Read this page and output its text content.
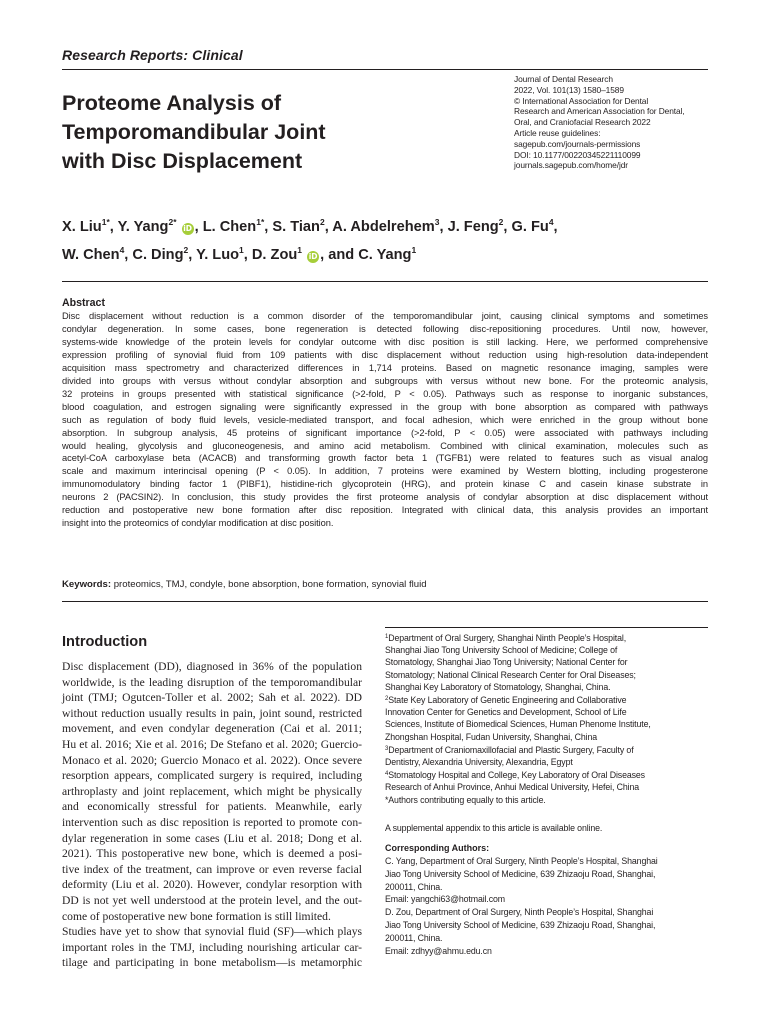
Research Reports: Clinical
Proteome Analysis of
Temporomandibular Joint
with Disc Displacement
Journal of Dental Research
2022, Vol. 101(13) 1580–1589
© International Association for Dental
Research and American Association for Dental,
Oral, and Craniofacial Research 2022
Article reuse guidelines:
sagepub.com/journals-permissions
DOI: 10.1177/00220345221110099
journals.sagepub.com/home/jdr
X. Liu$^{1*}$, Y. Yang$^{2*}$ iD , L. Chen$^{1*}$, S. Tian$^2$, A. Abdelrehem$^3$, J. Feng$^2$, G. Fu$^4$,
W. Chen$^4$, C. Ding$^2$, Y. Luo$^1$, D. Zou$^1$ iD , and C. Yang$^1$
Abstract
Disc displacement without reduction is a common disorder of the temporomandibular joint, causing clinical symptoms and sometimes
condylar degeneration. In some cases, bone regeneration is detected following disc-repositioning procedures. Until now, however,
systems-wide knowledge of the protein levels for condylar outcome with disc position is still lacking. Here, we performed comprehensive
expression profiling of synovial fluid from 109 patients with disc displacement without reduction using high-resolution data-independent
acquisition mass spectrometry and characterized differences in 1,714 proteins. Based on magnetic resonance imaging, samples were
divided into groups with versus without condylar absorption and subgroups with versus without new bone. For the proteomic analysis,
32 proteins in groups presented with statistical significance (>2-fold, P < 0.05). Pathways such as response to inorganic substances,
blood coagulation, and estrogen signaling were significantly expressed in the group with bone absorption as compared with pathways
such as regulation of body fluid levels, vesicle-mediated transport, and focal adhesion, which were enriched in the group without bone
absorption. In subgroup analysis, 45 proteins of significant importance (>2-fold, P < 0.05) were associated with pathways including
would healing, glycolysis and gluconeogenesis, and amino acid metabolism. Combined with clinical examination, molecules such as
acetyl-CoA carboxylase beta (ACACB) and transforming growth factor beta 1 (TGFB1) were related to features such as visual analog
scale and maximum interincisal opening (P < 0.05). In addition, 7 proteins were examined by Western blotting, including progesterone
immunomodulatory binding factor 1 (PIBF1), histidine-rich glycoprotein (HRG), and protein kinase C and casein kinase substrate in
neurons 2 (PACSIN2). In conclusion, this study provides the first proteome analysis of condylar absorption at disc displacement without
reduction and postoperative new bone formation after disc reposition. Integrated with clinical data, this analysis provides an important
insight into the proteomics of condylar modification at disc position.
Keywords: proteomics, TMJ, condyle, bone absorption, bone formation, synovial fluid
Introduction
Disc displacement (DD), diagnosed in 36% of the population
worldwide, is the leading disruption of the temporomandibular
joint (TMJ; Ogutcen-Toller et al. 2002; Sah et al. 2022). DD
without reduction usually results in pain, joint sound, restricted
movement, and even condylar degeneration (Cai et al. 2011;
Hu et al. 2016; Xie et al. 2016; De Stefano et al. 2020; Guercio-
Monaco et al. 2020; Guercio Monaco et al. 2022). Once severe
resorption appears, complicated surgery is required, including
arthroplasty and joint replacement, which might be physically
and economically stressful for patients. Meanwhile, early
intervention such as disc reposition is reported to promote con-
dylar regeneration in some cases (Liu et al. 2018; Dong et al.
2021). This postoperative new bone, which is deemed a posi-
tive index of the treatment, can improve or even reverse facial
deformity (Liu et al. 2020). However, condylar resorption with
DD is not yet well understood at the protein level, and the out-
come of postoperative new bone formation is still limited.
Studies have yet to show that synovial fluid (SF)—which plays
important roles in the TMJ, including nourishing articular car-
tilage and participating in bone metabolism—is metamorphic
$^1$Department of Oral Surgery, Shanghai Ninth People’s Hospital,
Shanghai Jiao Tong University School of Medicine; College of
Stomatology, Shanghai Jiao Tong University; National Center for
Stomatology; National Clinical Research Center for Oral Diseases;
Shanghai Key Laboratory of Stomatology, Shanghai, China.
$^2$State Key Laboratory of Genetic Engineering and Collaborative
Innovation Center for Genetics and Development, School of Life
Sciences, Institute of Biomedical Sciences, Human Phenome Institute,
Zhongshan Hospital, Fudan University, Shanghai, China
$^3$Department of Craniomaxillofacial and Plastic Surgery, Faculty of
Dentistry, Alexandria University, Alexandria, Egypt
$^4$Stomatology Hospital and College, Key Laboratory of Oral Diseases
Research of Anhui Province, Anhui Medical University, Hefei, China
*Authors contributing equally to this article.
A supplemental appendix to this article is available online.
Corresponding Authors:
C. Yang, Department of Oral Surgery, Ninth People’s Hospital, Shanghai
Jiao Tong University School of Medicine, 639 Zhizaoju Road, Shanghai,
200011, China.
Email: yangchi63@hotmail.com
D. Zou, Department of Oral Surgery, Ninth People’s Hospital, Shanghai
Jiao Tong University School of Medicine, 639 Zhizaoju Road, Shanghai,
200011, China.
Email: zdhyy@ahmu.edu.cn
